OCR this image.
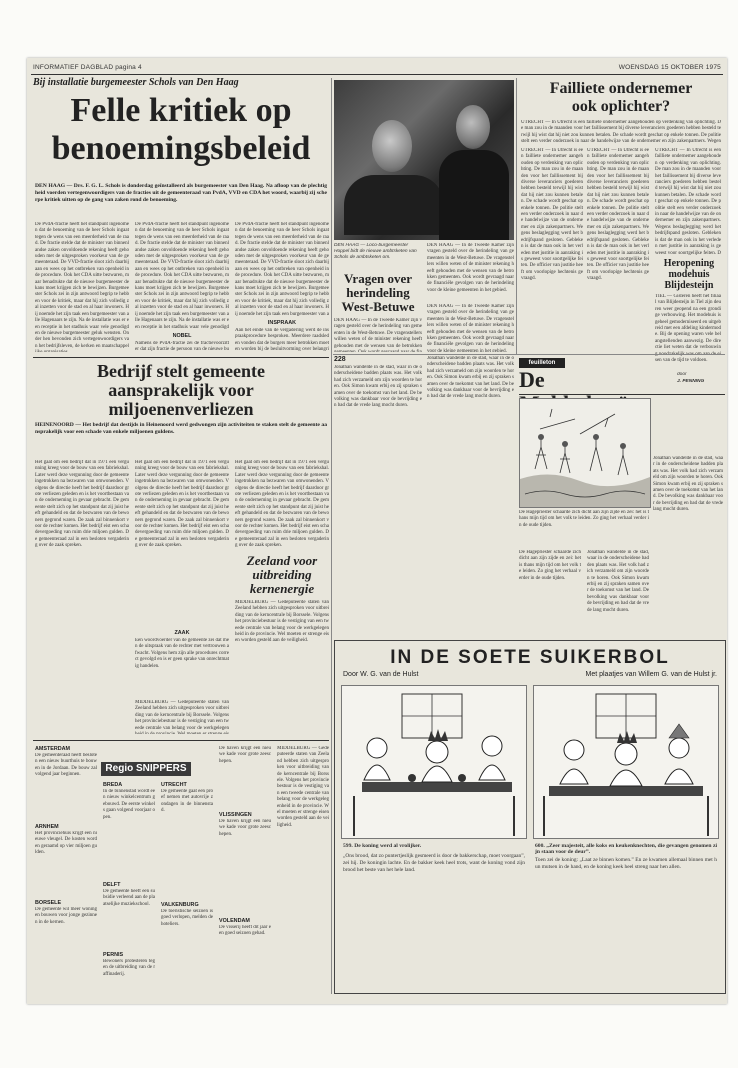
INFORMATIEF DAGBLAD pagina 4	WOENSDAG 15 OKTOBER 1975
Bij installatie burgemeester Schols van Den Haag
Felle kritiek op
benoemingsbeleid
DEN HAAG — Drs. F. G. L. Schols is donderdag geïnstalleerd als burgemeester van Den Haag. Na afloop van de plechtigheid voerden vertegenwoordigers van de fracties uit de gemeenteraad van PvdA, VVD en CDA het woord, waarbij zij scherpe kritiek uitten op de gang van zaken rond de benoeming.
De PvdA-fractie heeft het standpunt ingenomen dat de benoeming van de heer Schols ingaat tegen de wens van een meerderheid van de raad. De fractie stelde dat de minister van binnenlandse zaken onvoldoende rekening heeft gehouden met de uitgesproken voorkeur van de gemeenteraad. De VVD-fractie sloot zich daarbij aan en wees op het ontbreken van openheid in de procedure. Ook het CDA uitte bezwaren, maar benadrukte dat de nieuwe burgemeester de kans moet krijgen zich te bewijzen. Burgemeester Schols zei in zijn antwoord begrip te hebben voor de kritiek, maar dat hij zich volledig zal inzetten voor de stad en al haar inwoners. Hij noemde het zijn taak een burgemeester van alle Hagenaars te zijn. Na de installatie was er een receptie in het stadhuis waar vele genodigden de nieuwe burgemeester geluk wensten. Onder hen bevonden zich vertegenwoordigers van het bedrijfsleven, de kerken en maatschappel
De PvdA-fractie heeft het standpunt ingenomen dat de benoeming van de heer Schols ingaat tegen de wens van een meerderheid van de raad. De fractie stelde dat de minister van binnenlandse zaken onvoldoende rekening heeft gehouden met de uitgesproken voorkeur van de gemeenteraad. De VVD-fractie sloot zich daarbij aan en wees op het ontbreken van openheid in de procedure. Ook het CDA uitte bezwaren, maar benadrukte dat de nieuwe burgemeester de kans moet krijgen zich te bewijzen. Burgemeester Schols zei in zijn antwoord begrip te hebben voor de kritiek, maar dat hij zich volledig zal inzetten voor de stad en al haar inwoners. Hij noemde het zijn taak een burgemeester van alle Hagenaars te zijn. Na de installatie was er een receptie in het stadhuis waar vele genodigd
NOBEL
Namens de PvdA-fractie zei de fractievoorzitter dat zijn fractie de persoon van de nieuwe bu
De PvdA-fractie heeft het standpunt ingenomen dat de benoeming van de heer Schols ingaat tegen de wens van een meerderheid van de raad. De fractie stelde dat de minister van binnenlandse zaken onvoldoende rekening heeft gehouden met de uitgesproken voorkeur van de gemeenteraad. De VVD-fractie sloot zich daarbij aan en wees op het ontbreken van openheid in de procedure. Ook het CDA uitte bezwaren, maar benadrukte dat de nieuwe burgemeester de kans moet krijgen zich te bewijzen. Burgemeester Schols zei in zijn antwoord begrip te hebben voor de kritiek, maar dat hij zich volledig zal inzetten voor de stad en al haar inwoners. Hij noemde het zijn taak een burgemeester van a
INSPRAAK
Aan het einde van de vergadering werd de inspraakprocedure besproken. Meerdere raadsleden vonden dat de burgers meer betrokken moeten worden bij de besluitvorming over belangri
DEN HAAG — Loco-burgemeester Hoppel bidt de nieuwe ambtsketen van Schols de ambtsketen om.
DEN HAAG — In de Tweede Kamer zijn vragen gesteld over de herindeling van gemeenten in de West-Betuwe. De vragenstellers willen weten of de minister rekening heeft gehouden met de wensen van de betrokken gemeenten. Ook wordt gevraagd naar de financiële gevolgen van de herindeling voor de kleine gemeenten in het gebied.
Vragen over
herindeling
West-Betuwe
DEN HAAG — In de Tweede Kamer zijn vragen gesteld over de herindeling van gemeenten in de West-Betuwe. De vragenstellers willen weten of de minister rekening heeft gehouden met de wensen van de betrokken
DEN HAAG — In de Tweede Kamer zijn vragen gesteld over de herindeling van gemeenten in de West-Betuwe. De vragenstellers willen weten of de minister rekening heeft gehouden met de wensen van de betrokken gemeenten. Ook wordt gevraagd naar de financiële gevolgen van de herindeling voor de kleine gemeenten in het gebied.
Failliete ondernemer
ook oplichter?
UTRECHT — In Utrecht is een failliete ondernemer aangehouden op verdenking van oplichting. De man zou in de maanden voor het faillissement bij diverse leveranciers goederen hebben besteld terwijl hij wist dat hij niet zou kunnen betalen. De schade wordt geschat op enkele tonnen. De politie stelt een verder onderzoek in naar de handelwijze van de ondernemer en zijn zakenpartners. Wegen
UTRECHT — In Utrecht is een failliete ondernemer aangehouden op verdenking van oplichting. De man zou in de maanden voor het faillissement bij diverse leveranciers goederen hebben besteld terwijl hij wist dat hij niet zou kunnen betalen. De schade wordt geschat op enkele tonnen. De politie stelt een verder onderzoek in naar de handelwijze van de ondernemer en zijn zakenpartners. Wegens beslaglegging werd het bedrijfspand gesloten. Gebleken is dat de man ook in het verleden met justitie in aanraking is geweest voor soortgelijke feiten. De officier van justitie heeft om voorlopige hechtenis gevraagd.
UTRECHT — In Utrecht is een failliete ondernemer aangehouden op verdenking van oplichting. De man zou in de maanden voor het faillissement bij diverse leveranciers goederen hebben besteld terwijl hij wist dat hij niet zou kunnen betalen. De schade wordt geschat op enkele tonnen. De politie stelt een verder onderzoek in naar de handelwijze van de ondernemer en zijn zakenpartners. Wegens beslaglegging werd het bedrijfspand gesloten. Gebleken is dat de man ook in het verleden met justitie in aanraking is geweest voor soortgelijke feiten. De officier van justitie heeft om voorlopige hechtenis gevraagd.
UTRECHT — In Utrecht is een failliete ondernemer aangehouden op verdenking van oplichting. De man zou in de maanden voor het faillissement bij diverse leveranciers goederen hebben besteld terwijl hij wist dat hij niet zou kunnen betalen. De schade wordt geschat op enkele tonnen. De politie stelt een verder onderzoek in naar de handelwijze van de ondernemer en zijn zakenpartners. Wegens beslaglegging werd het bedrijfspand gesloten. Gebleken is dat de man ook in het verleden met justitie in aanraking is geweest voor soortgelijke feiten. D
Heropening
modehuis
Blijdesteijn
TIEL — Gisteren heeft het filiaal van Blijdesteijn in Tiel zijn deuren weer geopend na een grondige verbouwing. Het modehuis is geheel gemoderniseerd en uitgebreid met een afdeling kindermode. Bij de opening waren vele belangstellenden aanwezig. De directie liet weten dat de verbouwin sen van de tijd te voldoen.
Bedrijf stelt gemeente
aansprakelijk voor
miljoenenverliezen
HEINENOORD — Het bedrijf dat destijds in Heinenoord werd gedwongen zijn activiteiten te staken stelt de gemeente aansprakelijk voor een schade van enkele miljoenen guldens.
Het gaat om een bedrijf dat in 1971 een vergunning kreeg voor de bouw van een fabriekshal. Later werd deze vergunning door de gemeente ingetrokken na bezwaren van omwonenden. Volgens de directie heeft het bedrijf daardoor grote verliezen geleden en is het voortbestaan van de onderneming in gevaar gebracht. De gemeente stelt zich op het standpunt dat zij juist heeft gehandeld en dat de bezwaren van de bewoners gegrond waren. De zaak zal binnenkort voor de rechter komen. Het bedrijf eist een schadevergoeding van ruim drie miljoen gulden. De gemeenteraad zal in een besloten vergadering over de zaak spreken.
Het gaat om een bedrijf dat in 1971 een vergunning kreeg voor de bouw van een fabriekshal. Later werd deze vergunning door de gemeente ingetrokken na bezwaren van omwonenden. Volgens de directie heeft het bedrijf daardoor grote verliezen geleden en is het voortbestaan van de onderneming in gevaar gebracht. De gemeente stelt zich op het standpunt dat zij juist heeft gehandeld en dat de bezwaren van de bewoners gegrond waren. De zaak zal binnenkort voor de rechter komen. Het bedrijf eist een schadevergoeding van ruim drie miljoen gulden. De gemeenteraad zal in een besloten vergadering over de zaak spreken.
ZAAK
Een woordvoerder van de gemeente zei dat men de uitspraak van de rechter met vertrouwen afwacht. Volgens hem zijn alle procedures correct gevolgd en is er geen sprake van onrechtmatig handelen.
Het gaat om een bedrijf dat in 1971 een vergunning kreeg voor de bouw van een fabriekshal. Later werd deze vergunning door de gemeente ingetrokken na bezwaren van omwonenden. Volgens de directie heeft het bedrijf daardoor grote verliezen geleden en is het voortbestaan van de onderneming in gevaar gebracht. De gemeente stelt zich op het standpunt dat zij juist heeft gehandeld en dat de bezwaren van de bewoners gegrond waren. De zaak zal binnenkort voor de rechter komen. Het bedrijf eist een schadevergoeding van ruim drie miljoen gulden. De gemeenteraad zal in een besloten vergadering over de zaak spreken.
Zeeland voor
uitbreiding
kernenergie
MIDDELBURG — Gedeputeerde staten van Zeeland hebben zich uitgesproken voor uitbreiding van de kerncentrale bij Borssele. Volgens het provinciebestuur is de vestiging van een tweede centrale van belang voor de werkgelegenheid in de provincie. Wel moeten er strenge eisen worden gesteld aan de veiligheid.
MIDDELBURG — Gedeputeerde staten van Zeeland hebben zich uitgesproken voor uitbreiding van de kerncentrale bij Borssele. Volgens het provinciebestuur is de vestiging van een tweede centrale van belang voor de werkgelegen
Regio SNIPPERS
AMSTERDAM
De gemeenteraad heeft besloten een nieuw buurthuis te bouwen in de Jordaan. De bouw zal volgend jaar beginnen.
ARNHEM
Het provinciehuis krijgt een nieuwe vleugel. De kosten worden geraamd op vier miljoen gulden.
BORSELE
De gemeente wil meer woningen bouwen voor jonge gezinnen in de kernen.
BREDA
In de binnenstad wordt een nieuw winkelcentrum gebouwd. De eerste winkels gaan volgend voorjaar open.
DELFT
De gemeente heeft een subsidie verleend aan de plaatselijke muziekschool.
PERNIS
Bewoners protesteren tegen de uitbreiding van de raffinaderij.
UTRECHT
De gemeente gaat een proef nemen met autovrije zondagen in de binnenstad.
VALKENBURG
De toeristische seizoen is goed verlopen, melden de hoteliers.
De haven krijgt een nieuwe kade voor grote zeeschepen.
VLISSINGEN
De haven krijgt een nieuwe kade voor grote zeeschepen.
VOLENDAM
De visserij heeft dit jaar een goed seizoen gehad.
MIDDELBURG — Gedeputeerde staten van Zeeland hebben zich uitgesproken voor uitbreiding van de kerncentrale bij Borssele. Volgens het provinciebestuur is de vestiging van een tweede centrale van belang voor de werkgelegenheid in de provincie. Wel moeten er strenge eisen worden gesteld aan de veiligheid.
228
Jonathan wandelde in de stad, waar in de onderscheidene badden plaats was. Het volk had zich verzameld om zijn woorden te horen. Ook Simon kwam erbij en zij spraken samen over de toekomst van het land. De bevolking was dankbaar voor de bevrijding en bad dat de vrede lang mocht duren.
Jonathan wandelde in de stad, waar in de onderscheidene badden plaats was. Het volk had zich verzameld om zijn woorden te horen. Ook Simon kwam erbij en zij spraken samen over de toekomst van het land. De bevolking was dankbaar voor de bevrijding en bad dat de vrede lang mocht duren.
feuilleton
De	door
J. PENNING
De Hagepriester schaarde zich dicht aan zijn zijde en zei: het is thans mijn tijd om het volk te leiden. Zo ging het verhaal verder in de oude tijden.
Jonathan wandelde in de stad, waar in de onderscheidene badden plaats was. Het volk had zich verzameld om zijn woorden te horen. Ook Simon kwam erbij en zij spraken samen over de toekomst van het land. De bevolking was dankbaar voor de bevrijding en bad dat de vrede lang mocht duren.
De Hagepriester schaarde zich dicht aan zijn zijde en zei: het is thans mijn tijd om het volk te leiden. Zo ging het verhaal verder in de oude tijden.
Jonathan wandelde in de stad, waar in de onderscheidene badden plaats was. Het volk had zich verzameld om zijn woorden te horen. Ook Simon kwam erbij en zij spraken samen over de toekomst van het land. De bevolking was dankbaar voor de bevrijding en bad dat de vrede lang mocht duren.
IN DE SOETE SUIKERBOL
Door W. G. van de Hulst	Met plaatjes van Willem G. van de Hulst jr.
599. De koning werd al vrolijker.
„Ons brood, dat zo puntertjeslijk gesmeerd is door de bakkerschap, moet voorgaan”, zei hij. De koningin lachte. En de bakker keek heel trots, want de koning vond zijn brood het beste van het hele land.
600. „Zeer majesteit, alle koks en keukenknechten, die gevangen genomen zijn staan voor de deur”.
Toen zei de koning: „Laat ze binnen komen.” En ze kwamen allemaal binnen met hun mutsen in de hand, en de koning keek heel streng naar hen allen.
